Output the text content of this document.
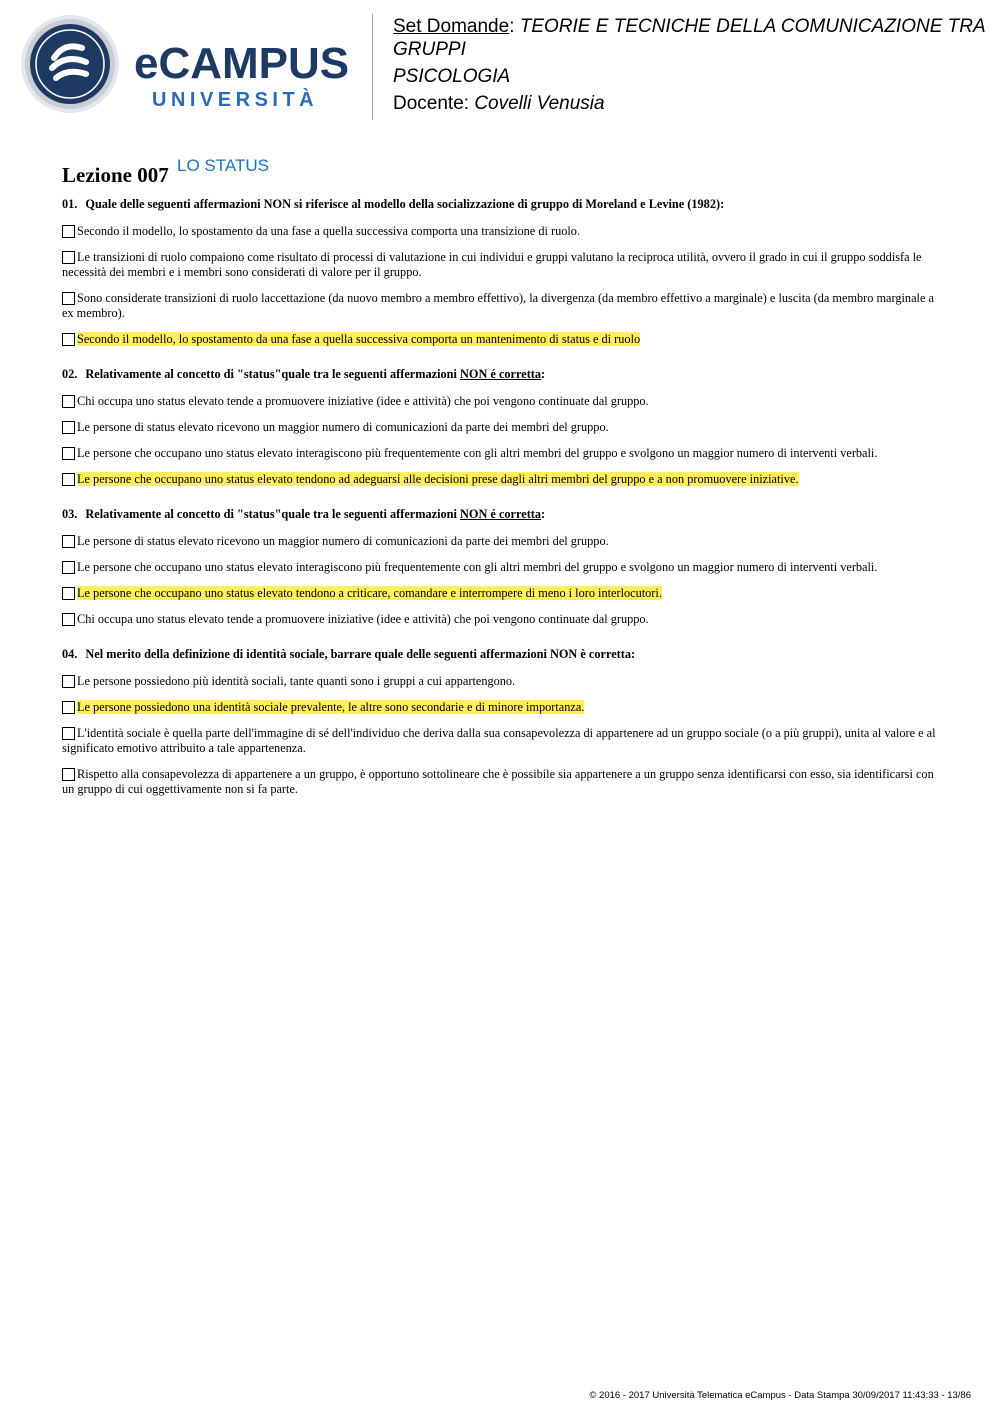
eCAMPUS
UNIVERSITÀ
Set Domande: TEORIE E TECNICHE DELLA COMUNICAZIONE TRA GRUPPI
PSICOLOGIA
Docente: Covelli Venusia
Lezione 007 LO STATUS
01. Quale delle seguenti affermazioni NON si riferisce al modello della socializzazione di gruppo di Moreland e Levine (1982):
Secondo il modello, lo spostamento da una fase a quella successiva comporta una transizione di ruolo.
Le transizioni di ruolo compaiono come risultato di processi di valutazione in cui individui e gruppi valutano la reciproca utilità, ovvero il grado in cui il gruppo soddisfa le necessità dei membri e i membri sono considerati di valore per il gruppo.
Sono considerate transizioni di ruolo laccettazione (da nuovo membro a membro effettivo), la divergenza (da membro effettivo a marginale) e luscita (da membro marginale a ex membro).
Secondo il modello, lo spostamento da una fase a quella successiva comporta un mantenimento di status e di ruolo
02. Relativamente al concetto di "status"quale tra le seguenti affermazioni NON é corretta:
Chi occupa uno status elevato tende a promuovere iniziative (idee e attività) che poi vengono continuate dal gruppo.
Le persone di status elevato ricevono un maggior numero di comunicazioni da parte dei membri del gruppo.
Le persone che occupano uno status elevato interagiscono più frequentemente con gli altri membri del gruppo e svolgono un maggior numero di interventi verbali.
Le persone che occupano uno status elevato tendono ad adeguarsi alle decisioni prese dagli altri membri del gruppo e a non promuovere iniziative.
03. Relativamente al concetto di "status"quale tra le seguenti affermazioni NON é corretta:
Le persone di status elevato ricevono un maggior numero di comunicazioni da parte dei membri del gruppo.
Le persone che occupano uno status elevato interagiscono più frequentemente con gli altri membri del gruppo e svolgono un maggior numero di interventi verbali.
Le persone che occupano uno status elevato tendono a criticare, comandare e interrompere di meno i loro interlocutori.
Chi occupa uno status elevato tende a promuovere iniziative (idee e attività) che poi vengono continuate dal gruppo.
04. Nel merito della definizione di identità sociale, barrare quale delle seguenti affermazioni NON è corretta:
Le persone possiedono più identità sociali, tante quanti sono i gruppi a cui appartengono.
Le persone possiedono una identità sociale prevalente, le altre sono secondarie e di minore importanza.
L'identità sociale è quella parte dell'immagine di sé dell'individuo che deriva dalla sua consapevolezza di appartenere ad un gruppo sociale (o a più gruppi), unita al valore e al significato emotivo attribuito a tale appartenenza.
Rispetto alla consapevolezza di appartenere a un gruppo, è opportuno sottolineare che è possibile sia appartenere a un gruppo senza identificarsi con esso, sia identificarsi con un gruppo di cui oggettivamente non si fa parte.
© 2016 - 2017 Università Telematica eCampus - Data Stampa 30/09/2017 11:43:33 - 13/86
